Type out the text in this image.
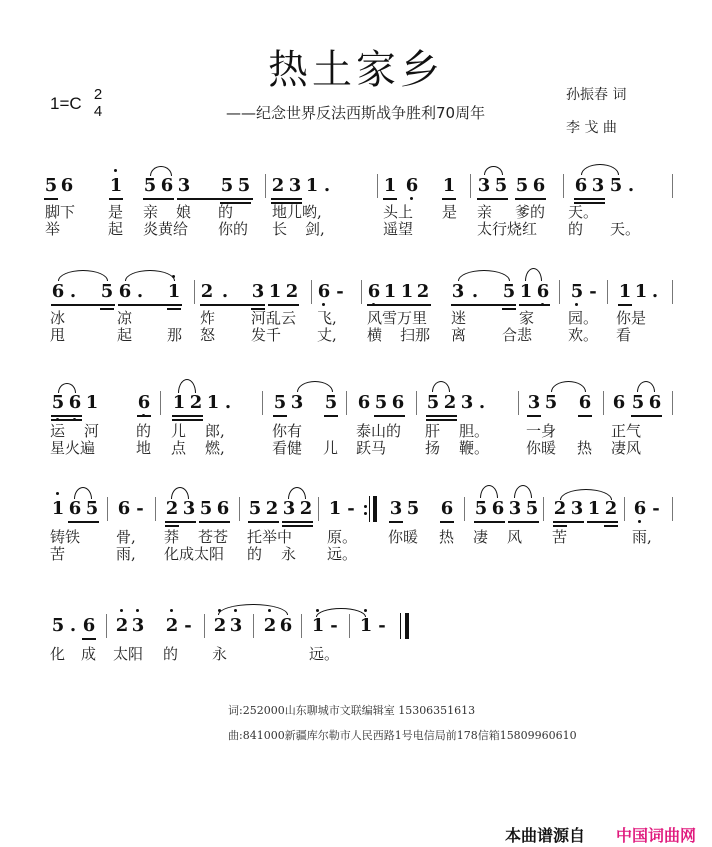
热土家乡
1=C 2
4	——纪念世界反法西斯战争胜利70周年
孙振春 词
李 戈 曲
5 6 1 5 6 3 5 5 2 3 1 .	1 6 1 3 5 5 6 6 3 5 .
脚下 是 亲 娘 的	地儿哟,	头上 是 亲 爹的 天。
举	起 炎黄给 你的 长 剑,	遥望	太行烧红 的 天。
6 . 5 6 . 1 2 . 3 1 2 6 - 6 1 1 2 3 . 5 1 6 5 - 1 1 .
冰	凉	炸 河乱云 飞, 风雪万里 迷	家 园。 你是
甩	起 那 怒 发千 丈, 横 扫那 离 合悲 欢。 看
5 6 1 6 1 2 1 . 5 3 5 6 5 6 5 2 3 . 3 5 6 6 5 6
运 河 的 儿 郎,	你有	泰山的 肝 胆。 一身	正气
星火遍	地 点 燃,	看健 儿 跃马	扬 鞭。 你暖 热 凄风
1 6 5 6 - 2 3 5 6 5 2 3 2 1 - 3 5 6 5 6 3 5 2 3 1 2 6 -
铸铁 骨, 莽 苍苍 托举中 原。 你暖 热 凄 风 苦	雨,
苦	雨, 化成太阳 的 永 远。
5 . 6 2 3 2 - 2 3 2 6 1 - 1 -
化 成 太阳 的 永	远。
词:252000山东聊城市文联编辑室 15306351613
曲:841000新疆库尔勒市人民西路1号电信局前178信箱15809960610
本曲谱源自 中国词曲网
